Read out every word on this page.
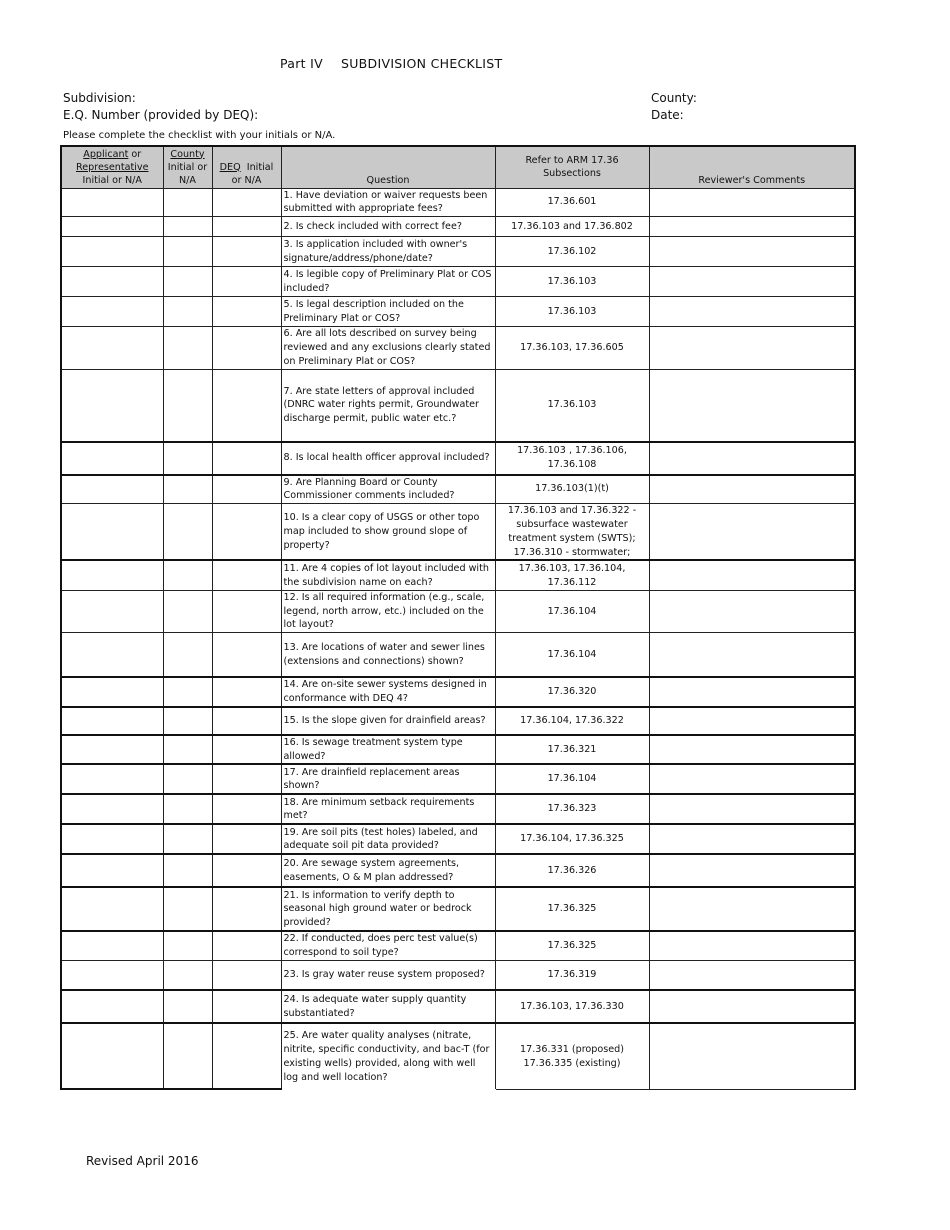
Part IV SUBDIVISION CHECKLIST
Subdivision:
E.Q. Number (provided by DEQ):
County:
Date:
Please complete the checklist with your initials or N/A.
Applicant or
Representative
Initial or N/A	County
Initial or
N/A	DEQ  Initial
or N/A	Question	Refer to ARM 17.36
Subsections	Reviewer's Comments
			1. Have deviation or waiver requests been submitted with appropriate fees?	17.36.601	
			2. Is check included with correct fee?	17.36.103 and 17.36.802	
			3. Is application included with owner's signature/address/phone/date?	17.36.102	
			4. Is legible copy of Preliminary Plat or COS included?	17.36.103	
			5. Is legal description included on the Preliminary Plat or COS?	17.36.103	
			6. Are all lots described on survey being reviewed and any exclusions clearly stated on Preliminary Plat or COS?	17.36.103, 17.36.605	
			7. Are state letters of approval included (DNRC water rights permit, Groundwater discharge permit, public water etc.?	17.36.103	
			8. Is local health officer approval included?	17.36.103 , 17.36.106, 17.36.108	
			9. Are Planning Board or County Commissioner comments included?	17.36.103(1)(t)	
			10. Is a clear copy of USGS or other topo map included to show ground slope of property?	17.36.103 and 17.36.322 - subsurface wastewater treatment system (SWTS); 17.36.310 - stormwater;	
			11. Are 4 copies of lot layout included with the subdivision name on each?	17.36.103, 17.36.104, 17.36.112	
			12. Is all required information (e.g., scale, legend, north arrow, etc.) included on the lot layout?	17.36.104	
			13. Are locations of water and sewer lines (extensions and connections) shown?	17.36.104	
			14. Are on-site sewer systems designed in conformance with DEQ 4?	17.36.320	
			15. Is the slope given for drainfield areas?	17.36.104, 17.36.322	
			16. Is sewage treatment system type allowed?	17.36.321	
			17. Are drainfield replacement areas shown?	17.36.104	
			18. Are minimum setback requirements met?	17.36.323	
			19. Are soil pits (test holes) labeled, and adequate soil pit data provided?	17.36.104, 17.36.325	
			20. Are sewage system agreements, easements, O & M plan addressed?	17.36.326	
			21. Is information to verify depth to seasonal high ground water or bedrock provided?	17.36.325	
			22. If conducted, does perc test value(s) correspond to soil type?	17.36.325	
			23. Is gray water reuse system proposed?	17.36.319	
			24. Is adequate water supply quantity substantiated?	17.36.103, 17.36.330	
			25. Are water quality analyses (nitrate, nitrite, specific conductivity, and bac-T (for existing wells) provided, along with well log and well location?	17.36.331 (proposed)
17.36.335 (existing)	
Revised April 2016
